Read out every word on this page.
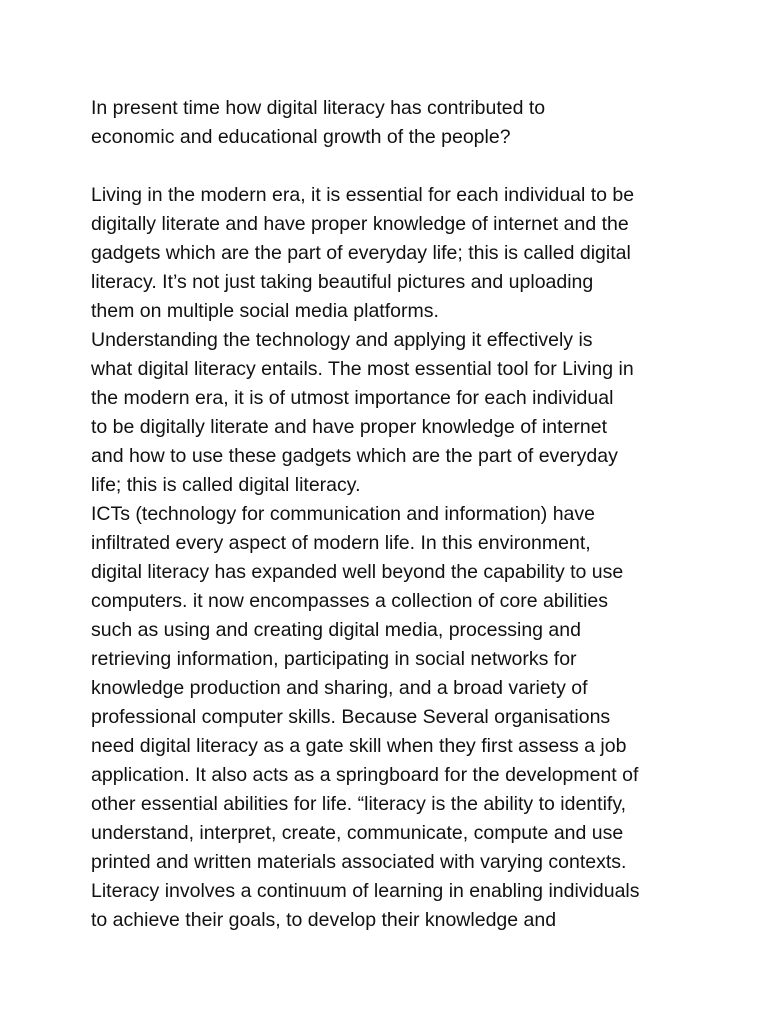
In present time how digital literacy has contributed to
economic and educational growth of the people?
Living in the modern era, it is essential for each individual to be
digitally literate and have proper knowledge of internet and the
gadgets which are the part of everyday life; this is called digital
literacy. It’s not just taking beautiful pictures and uploading
them on multiple social media platforms.
Understanding the technology and applying it effectively is
what digital literacy entails. The most essential tool for Living in
the modern era, it is of utmost importance for each individual
to be digitally literate and have proper knowledge of internet
and how to use these gadgets which are the part of everyday
life; this is called digital literacy.
ICTs (technology for communication and information) have
infiltrated every aspect of modern life. In this environment,
digital literacy has expanded well beyond the capability to use
computers. it now encompasses a collection of core abilities
such as using and creating digital media, processing and
retrieving information, participating in social networks for
knowledge production and sharing, and a broad variety of
professional computer skills. Because Several organisations
need digital literacy as a gate skill when they first assess a job
application. It also acts as a springboard for the development of
other essential abilities for life. “literacy is the ability to identify,
understand, interpret, create, communicate, compute and use
printed and written materials associated with varying contexts.
Literacy involves a continuum of learning in enabling individuals
to achieve their goals, to develop their knowledge and
